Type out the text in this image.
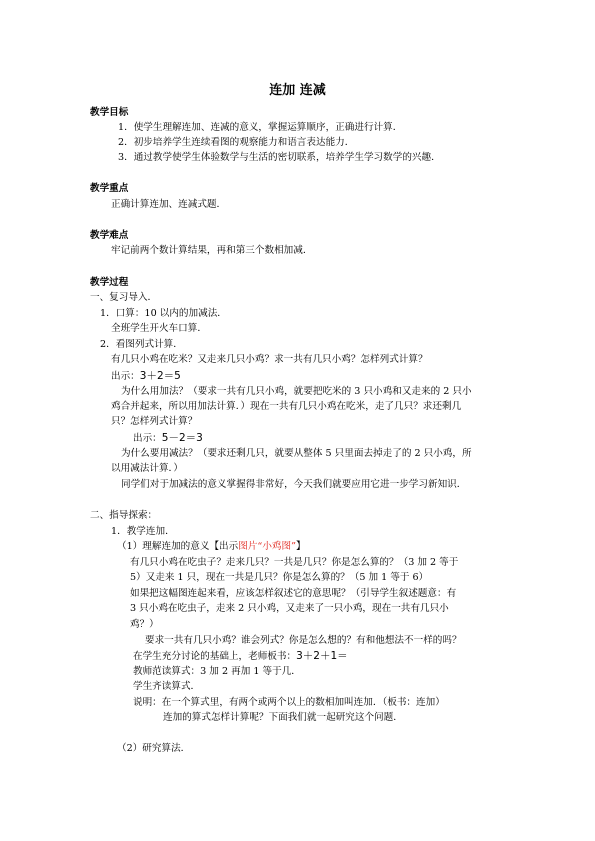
连加 连减
教学目标
1．使学生理解连加、连减的意义，掌握运算顺序，正确进行计算．
2．初步培养学生连续看图的观察能力和语言表达能力．
3．通过教学使学生体验数学与生活的密切联系，培养学生学习数学的兴趣．
教学重点
正确计算连加、连减式题．
教学难点
牢记前两个数计算结果，再和第三个数相加减．
教学过程
一、复习导入．
1．口算：10 以内的加减法．
全班学生开火车口算．
2．看图列式计算．
有几只小鸡在吃米？又走来几只小鸡？求一共有几只小鸡？怎样列式计算？
出示：3＋2＝5
为什么用加法？（要求一共有几只小鸡，就要把吃米的 3 只小鸡和又走来的 2 只小
鸡合并起来，所以用加法计算．）现在一共有几只小鸡在吃米，走了几只？求还剩几
只？怎样列式计算？
出示：5－2＝3
为什么要用减法？（要求还剩几只，就要从整体 5 只里面去掉走了的 2 只小鸡，所
以用减法计算．）
同学们对于加减法的意义掌握得非常好，今天我们就要应用它进一步学习新知识．
二、指导探索：
1．教学连加．
（1）理解连加的意义【出示图片“小鸡图”】
有几只小鸡在吃虫子？走来几只？一共是几只？你是怎么算的？（3 加 2 等于
5）又走来 1 只，现在一共是几只？你是怎么算的？（5 加 1 等于 6）
如果把这幅图连起来看，应该怎样叙述它的意思呢？（引导学生叙述题意：有
3 只小鸡在吃虫子，走来 2 只小鸡，又走来了一只小鸡，现在一共有几只小
鸡？）
要求一共有几只小鸡？谁会列式？你是怎么想的？有和他想法不一样的吗？
在学生充分讨论的基础上，老师板书：3＋2＋1＝
教师范读算式：3 加 2 再加 1 等于几．
学生齐读算式．
说明：在一个算式里，有两个或两个以上的数相加叫连加．（板书：连加）
连加的算式怎样计算呢？下面我们就一起研究这个问题．
（2）研究算法．
